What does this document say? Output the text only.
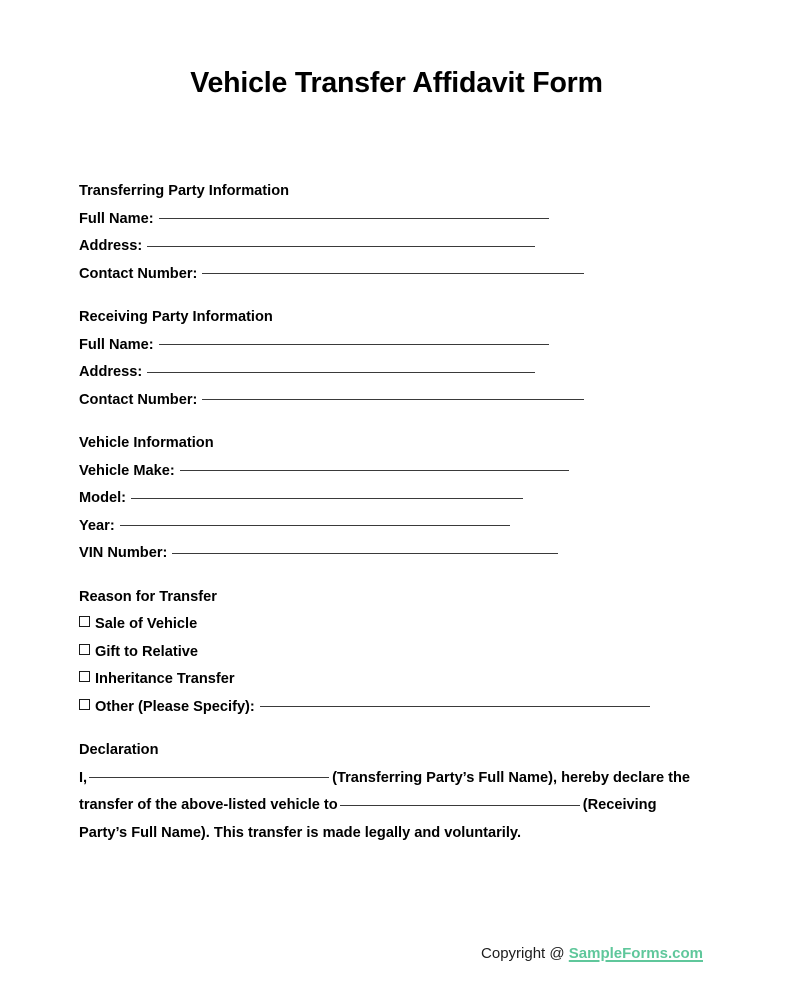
Vehicle Transfer Affidavit Form
Transferring Party Information
Full Name:
Address:
Contact Number:
Receiving Party Information
Full Name:
Address:
Contact Number:
Vehicle Information
Vehicle Make:
Model:
Year:
VIN Number:
Reason for Transfer
Sale of Vehicle
Gift to Relative
Inheritance Transfer
Other (Please Specify):
Declaration
I,	(Transferring Party’s Full Name), hereby declare the transfer of the above-listed vehicle to	(Receiving Party’s Full Name). This transfer is made legally and voluntarily.
Copyright @ SampleForms.com
